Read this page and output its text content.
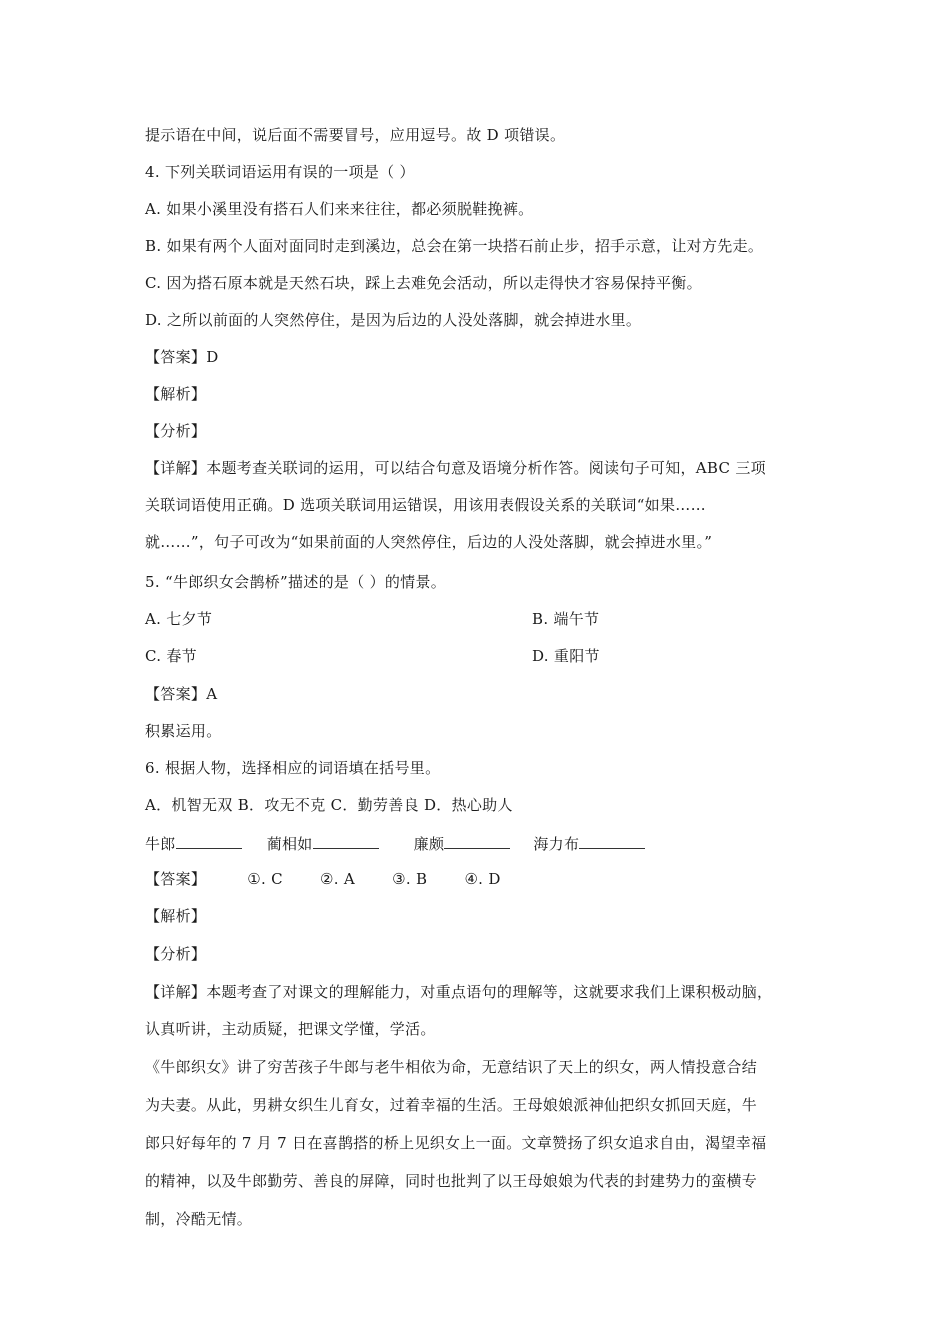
提示语在中间，说后面不需要冒号，应用逗号。故 D 项错误。
4. 下列关联词语运用有误的一项是（ ）
A. 如果小溪里没有搭石人们来来往往，都必须脱鞋挽裤。
B. 如果有两个人面对面同时走到溪边，总会在第一块搭石前止步，招手示意，让对方先走。
C. 因为搭石原本就是天然石块，踩上去难免会活动，所以走得快才容易保持平衡。
D. 之所以前面的人突然停住，是因为后边的人没处落脚，就会掉进水里。
【答案】D
【解析】
【分析】
【详解】本题考查关联词的运用，可以结合句意及语境分析作答。阅读句子可知，ABC 三项
关联词语使用正确。D 选项关联词用运错误，用该用表假设关系的关联词“如果……
就……”，句子可改为“如果前面的人突然停住，后边的人没处落脚，就会掉进水里。”
5. “牛郎织女会鹊桥”描述的是（ ）的情景。
A. 七夕节	B. 端午节
C. 春节	D. 重阳节
【答案】A
积累运用。
6. 根据人物，选择相应的词语填在括号里。
A．机智无双 B．攻无不克 C．勤劳善良 D．热心助人
牛郎	蔺相如	廉颇	海力布
【答案】	①. C ②. A ③. B ④. D
【解析】
【分析】
【详解】本题考查了对课文的理解能力，对重点语句的理解等，这就要求我们上课积极动脑，
认真听讲，主动质疑，把课文学懂，学活。
《牛郎织女》讲了穷苦孩子牛郎与老牛相依为命，无意结识了天上的织女，两人情投意合结
为夫妻。从此，男耕女织生儿育女，过着幸福的生活。王母娘娘派神仙把织女抓回天庭，牛
郎只好每年的 7 月 7 日在喜鹊搭的桥上见织女上一面。文章赞扬了织女追求自由，渴望幸福
的精神，以及牛郎勤劳、善良的屏障，同时也批判了以王母娘娘为代表的封建势力的蛮横专
制，冷酷无情。
